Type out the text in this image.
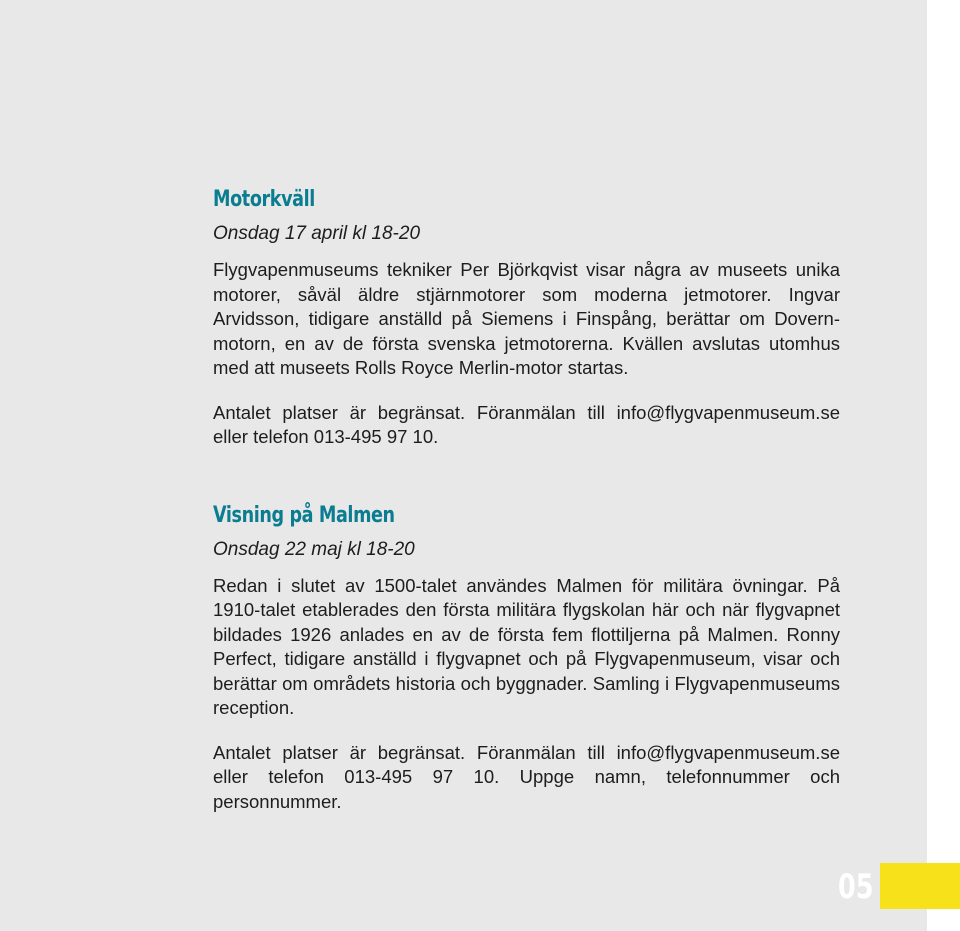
Motorkväll
Onsdag 17 april kl 18-20

Flygvapenmuseums tekniker Per Björkqvist visar några av museets unika motorer, såväl äldre stjärnmotorer som moderna jetmotorer. Ingvar Arvidsson, tidigare anställd på Siemens i Finspång, berättar om Dovern-motorn, en av de första svenska jetmotorerna. Kvällen avslutas utomhus med att museets Rolls Royce Merlin-motor startas.

Antalet platser är begränsat. Föranmälan till info@flygvapenmuseum.se eller telefon 013-495 97 10.

Visning på Malmen
Onsdag 22 maj kl 18-20

Redan i slutet av 1500-talet användes Malmen för militära övningar. På 1910-talet etablerades den första militära flygskolan här och när flygvapnet bildades 1926 anlades en av de första fem flottiljerna på Malmen. Ronny Perfect, tidigare anställd i flygvapnet och på Flygvapenmuseum, visar och berättar om områdets historia och byggnader. Samling i Flygvapenmuseums reception.

Antalet platser är begränsat. Föranmälan till info@flygvapenmuseum.se eller telefon 013-495 97 10. Uppge namn, telefonnummer och personnummer.

05
